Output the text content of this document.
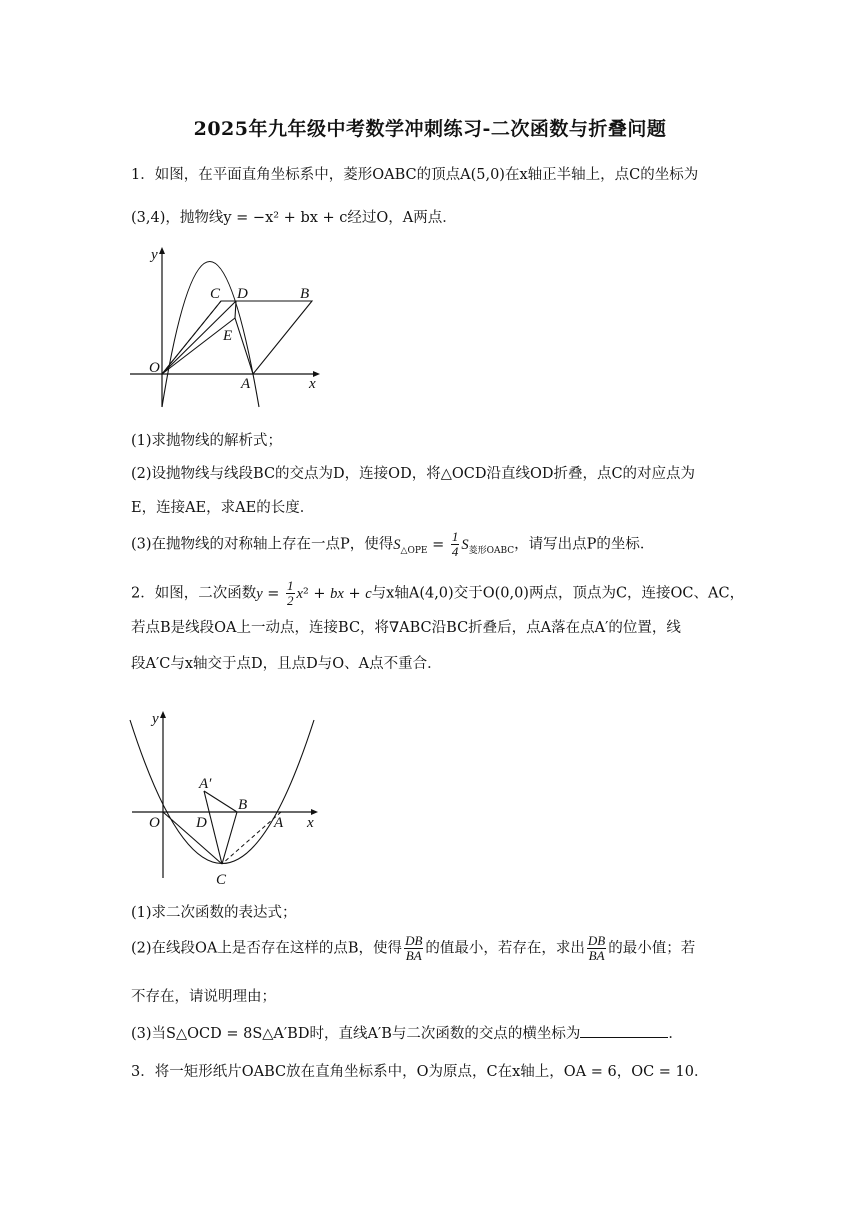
2025年九年级中考数学冲刺练习-二次函数与折叠问题
1．如图，在平面直角坐标系中，菱形OABC的顶点A(5,0)在x轴正半轴上，点C的坐标为
(3,4)，抛物线y = −x² + bx + c经过O，A两点．
y
C D	B
E
O
A	x
(1)求抛物线的解析式；
(2)设抛物线与线段BC的交点为D，连接OD，将△OCD沿直线OD折叠，点C的对应点为
E，连接AE，求AE的长度．
(3)在抛物线的对称轴上存在一点P，使得$S_{\triangle OPE} = \frac{1}{4} S_{菱形OABC}$，请写出点P的坐标．
2．如图，二次函数$y = \frac{1}{2} x^2$ + bx + c与x轴A(4,0)交于O(0,0)两点，顶点为C，连接OC、AC，
若点B是线段OA上一动点，连接BC，将∇ABC沿BC折叠后，点A落在点A′的位置，线
段A′C与x轴交于点D，且点D与O、A点不重合．
y
A′
B
O D	A x
C
(1)求二次函数的表达式；
(2)在线段OA上是否存在这样的点B，使得 $\frac{DB}{BA}$ 的值最小，若存在，求出 $\frac{DB}{BA}$ 的最小值；若
不存在，请说明理由；
(3)当S△OCD = 8S△A′BD时，直线A′B与二次函数的交点的横坐标为	．
3．将一矩形纸片OABC放在直角坐标系中，O为原点，C在x轴上，OA = 6，OC = 10．
